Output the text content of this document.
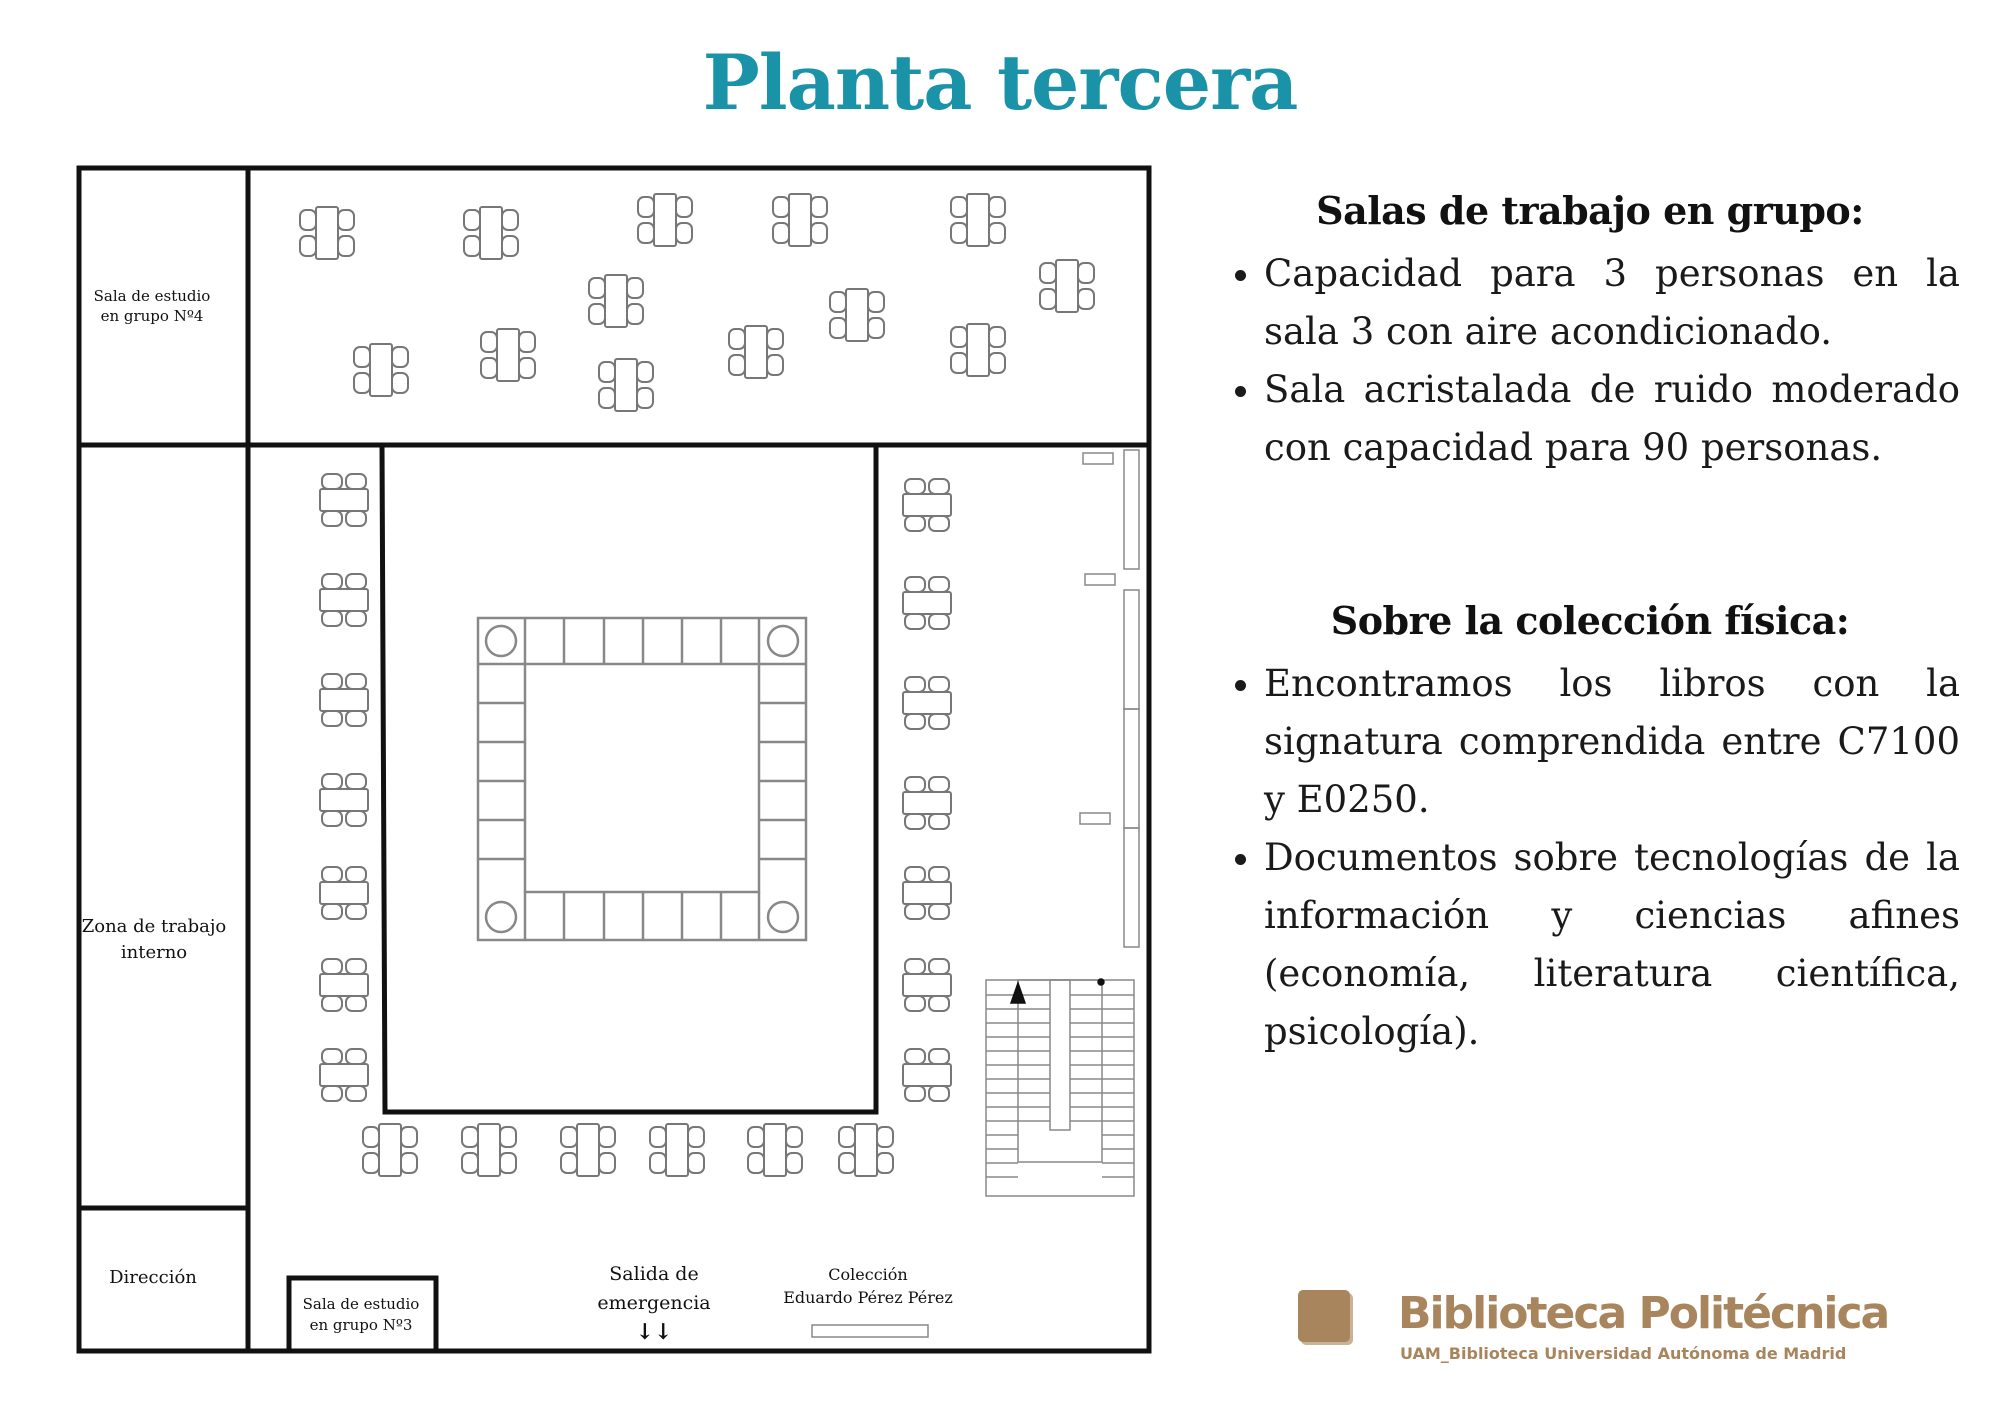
Planta tercera
Sala de estudio
en grupo Nº4
Zona de trabajo
interno
Dirección
Sala de estudio
en grupo Nº3
Salida de
emergencia
↓↓
Colección
Eduardo Pérez Pérez
Salas de trabajo en grupo:
• Capacidad para 3 personas en la sala 3 con aire acondicionado.
• Sala acristalada de ruido moderado con capacidad para 90 personas.
Sobre la colección física:
• Encontramos los libros con la signatura comprendida entre C7100 y E0250.
• Documentos sobre tecnologías de la información y ciencias afines (economía, literatura científica, psicología).
Biblioteca Politécnica
UAM_Biblioteca Universidad Autónoma de Madrid
